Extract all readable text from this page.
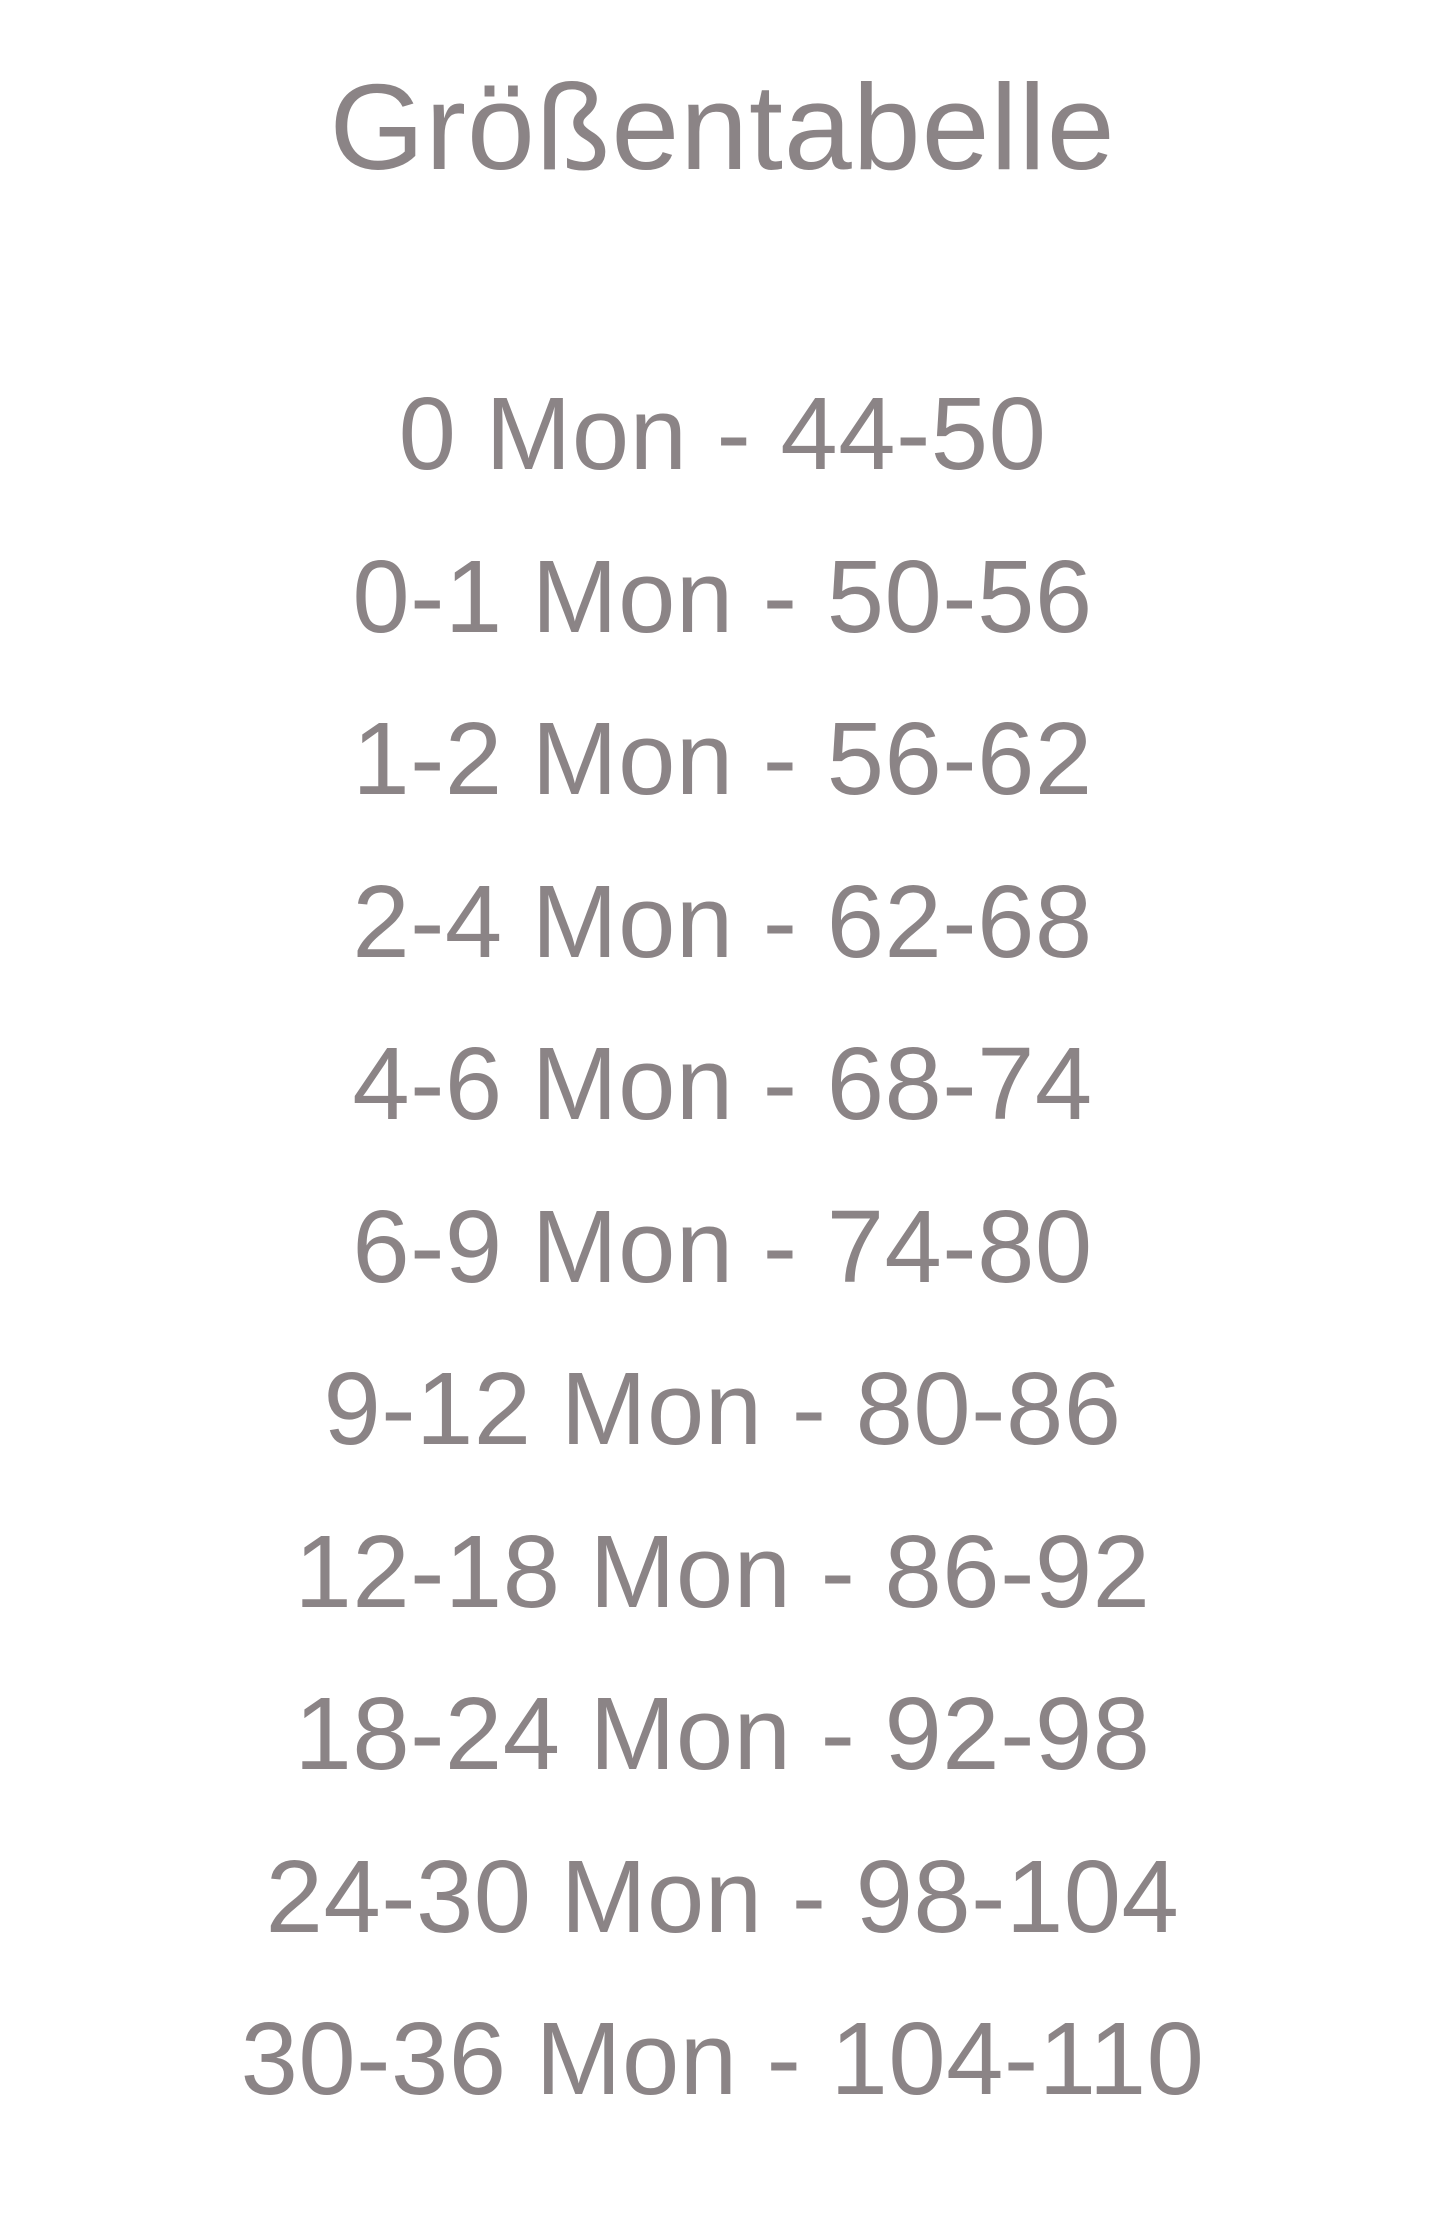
Größentabelle
0 Mon - 44-50
0-1 Mon - 50-56
1-2 Mon - 56-62
2-4 Mon - 62-68
4-6 Mon - 68-74
6-9 Mon - 74-80
9-12 Mon - 80-86
12-18 Mon - 86-92
18-24 Mon - 92-98
24-30 Mon - 98-104
30-36 Mon - 104-110
